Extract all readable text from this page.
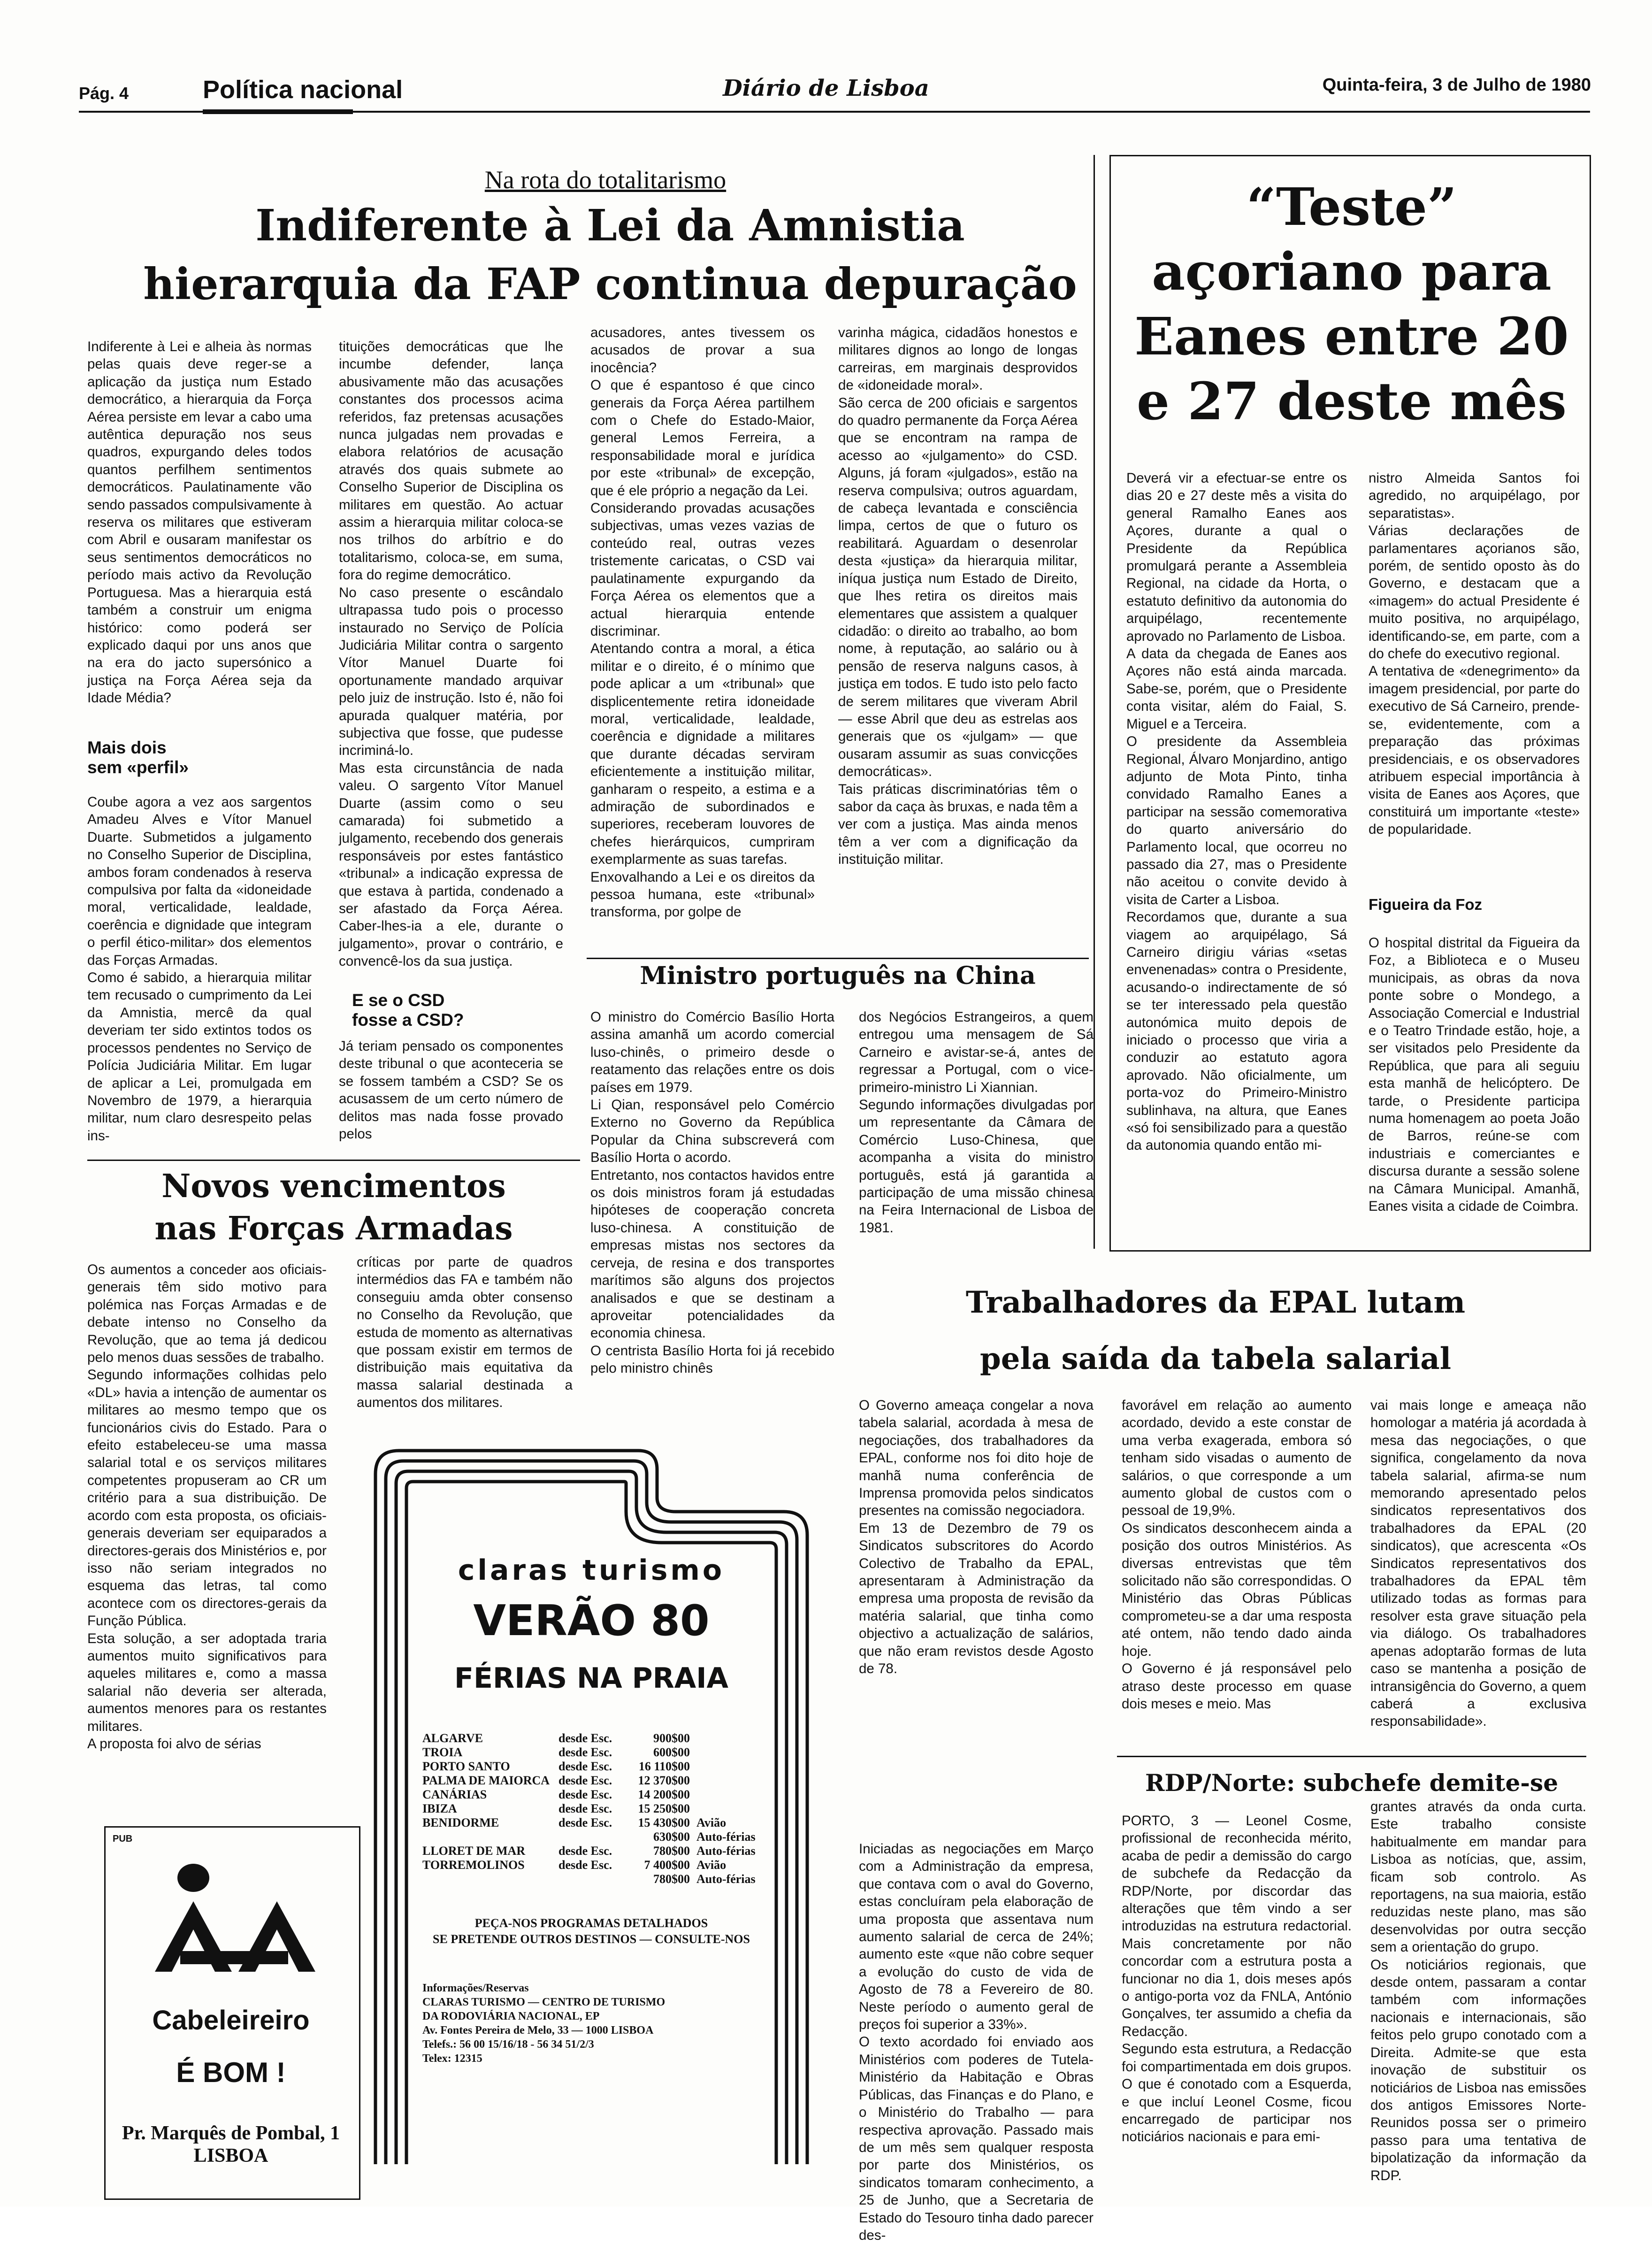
Pág. 4	Política nacional	Diário de Lisboa	Quinta-feira, 3 de Julho de 1980
Na rota do totalitarismo
Indiferente à Lei da Amnistia
hierarquia da FAP continua depuração
Indiferente à Lei e alheia às normas pelas quais deve reger-se a aplicação da justiça num Estado democrático, a hierarquia da Força Aérea persiste em levar a cabo uma autêntica depuração nos seus quadros, expurgando deles todos quantos perfilhem sentimentos democráticos. Paulatinamente vão sendo passados compulsivamente à reserva os militares que estiveram com Abril e ousaram manifestar os seus sentimentos democráticos no período mais activo da Revolução Portuguesa. Mas a hierarquia está também a construir um enigma histórico: como poderá ser explicado daqui por uns anos que na era do jacto supersónico a justiça na Força Aérea seja da Idade Média?
Mais dois
sem «perfil»
Coube agora a vez aos sargentos Amadeu Alves e Vítor Manuel Duarte. Submetidos a julgamento no Conselho Superior de Disciplina, ambos foram condenados à reserva compulsiva por falta da «idoneidade moral, verticalidade, lealdade, coerência e dignidade que integram o perfil ético-militar» dos elementos das Forças Armadas.
Como é sabido, a hierarquia militar tem recusado o cumprimento da Lei da Amnistia, mercê da qual deveriam ter sido extintos todos os processos pendentes no Serviço de Polícia Judiciária Militar. Em lugar de aplicar a Lei, promulgada em Novembro de 1979, a hierarquia militar, num claro desrespeito pelas ins-
tituições democráticas que lhe incumbe defender, lança abusivamente mão das acusações constantes dos processos acima referidos, faz pretensas acusações nunca julgadas nem provadas e elabora relatórios de acusação através dos quais submete ao Conselho Superior de Disciplina os militares em questão. Ao actuar assim a hierarquia militar coloca-se nos trilhos do arbítrio e do totalitarismo, coloca-se, em suma, fora do regime democrático.
No caso presente o escândalo ultrapassa tudo pois o processo instaurado no Serviço de Polícia Judiciária Militar contra o sargento Vítor Manuel Duarte foi oportunamente mandado arquivar pelo juiz de instrução. Isto é, não foi apurada qualquer matéria, por subjectiva que fosse, que pudesse incriminá-lo.
Mas esta circunstância de nada valeu. O sargento Vítor Manuel Duarte (assim como o seu camarada) foi submetido a julgamento, recebendo dos generais responsáveis por estes fantástico «tribunal» a indicação expressa de que estava à partida, condenado a ser afastado da Força Aérea. Caber-lhes-ia a ele, durante o julgamento», provar o contrário, e convencê-los da sua justiça.
E se o CSD
fosse a CSD?
Já teriam pensado os componentes deste tribunal o que aconteceria se se fossem também a CSD? Se os acusassem de um certo número de delitos mas nada fosse provado pelos
acusadores, antes tivessem os acusados de provar a sua inocência?
O que é espantoso é que cinco generais da Força Aérea partilhem com o Chefe do Estado-Maior, general Lemos Ferreira, a responsabilidade moral e jurídica por este «tribunal» de excepção, que é ele próprio a negação da Lei.
Considerando provadas acusações subjectivas, umas vezes vazias de conteúdo real, outras vezes tristemente caricatas, o CSD vai paulatinamente expurgando da Força Aérea os elementos que a actual hierarquia entende discriminar.
Atentando contra a moral, a ética militar e o direito, é o mínimo que pode aplicar a um «tribunal» que displicentemente retira idoneidade moral, verticalidade, lealdade, coerência e dignidade a militares que durante décadas serviram eficientemente a instituição militar, ganharam o respeito, a estima e a admiração de subordinados e superiores, receberam louvores de chefes hierárquicos, cumpriram exemplarmente as suas tarefas.
Enxovalhando a Lei e os direitos da pessoa humana, este «tribunal» transforma, por golpe de
varinha mágica, cidadãos honestos e militares dignos ao longo de longas carreiras, em marginais desprovidos de «idoneidade moral».
São cerca de 200 oficiais e sargentos do quadro permanente da Força Aérea que se encontram na rampa de acesso ao «julgamento» do CSD. Alguns, já foram «julgados», estão na reserva compulsiva; outros aguardam, de cabeça levantada e consciência limpa, certos de que o futuro os reabilitará. Aguardam o desenrolar desta «justiça» da hierarquia militar, iníqua justiça num Estado de Direito, que lhes retira os direitos mais elementares que assistem a qualquer cidadão: o direito ao trabalho, ao bom nome, à reputação, ao salário ou à pensão de reserva nalguns casos, à justiça em todos. E tudo isto pelo facto de serem militares que viveram Abril — esse Abril que deu as estrelas aos generais que os «julgam» — que ousaram assumir as suas convicções democráticas».
Tais práticas discriminatórias têm o sabor da caça às bruxas, e nada têm a ver com a justiça. Mas ainda menos têm a ver com a dignificação da instituição militar.
“Teste” açoriano para Eanes entre 20 e 27 deste mês
Deverá vir a efectuar-se entre os dias 20 e 27 deste mês a visita do general Ramalho Eanes aos Açores, durante a qual o Presidente da República promulgará perante a Assembleia Regional, na cidade da Horta, o estatuto definitivo da autonomia do arquipélago, recentemente aprovado no Parlamento de Lisboa.
A data da chegada de Eanes aos Açores não está ainda marcada. Sabe-se, porém, que o Presidente conta visitar, além do Faial, S. Miguel e a Terceira.
O presidente da Assembleia Regional, Álvaro Monjardino, antigo adjunto de Mota Pinto, tinha convidado Ramalho Eanes a participar na sessão comemorativa do quarto aniversário do Parlamento local, que ocorreu no passado dia 27, mas o Presidente não aceitou o convite devido à visita de Carter a Lisboa.
Recordamos que, durante a sua viagem ao arquipélago, Sá Carneiro dirigiu várias «setas envenenadas» contra o Presidente, acusando-o indirectamente de só se ter interessado pela questão autonómica muito depois de iniciado o processo que viria a conduzir ao estatuto agora aprovado. Não oficialmente, um porta-voz do Primeiro-Ministro sublinhava, na altura, que Eanes «só foi sensibilizado para a questão da autonomia quando então mi-
nistro Almeida Santos foi agredido, no arquipélago, por separatistas».
Várias declarações de parlamentares açorianos são, porém, de sentido oposto às do Governo, e destacam que a «imagem» do actual Presidente é muito positiva, no arquipélago, identificando-se, em parte, com a do chefe do executivo regional.
A tentativa de «denegrimento» da imagem presidencial, por parte do executivo de Sá Carneiro, prende-se, evidentemente, com a preparação das próximas presidenciais, e os observadores atribuem especial importância à visita de Eanes aos Açores, que constituirá um importante «teste» de popularidade.
Figueira da Foz
O hospital distrital da Figueira da Foz, a Biblioteca e o Museu municipais, as obras da nova ponte sobre o Mondego, a Associação Comercial e Industrial e o Teatro Trindade estão, hoje, a ser visitados pelo Presidente da República, que para ali seguiu esta manhã de helicóptero. De tarde, o Presidente participa numa homenagem ao poeta João de Barros, reúne-se com industriais e comerciantes e discursa durante a sessão solene na Câmara Municipal. Amanhã, Eanes visita a cidade de Coimbra.
Ministro português na China
O ministro do Comércio Basílio Horta assina amanhã um acordo comercial luso-chinês, o primeiro desde o reatamento das relações entre os dois países em 1979.
Li Qian, responsável pelo Comércio Externo no Governo da República Popular da China subscreverá com Basílio Horta o acordo.
Entretanto, nos contactos havidos entre os dois ministros foram já estudadas hipóteses de cooperação concreta luso-chinesa. A constituição de empresas mistas nos sectores da cerveja, de resina e dos transportes marítimos são alguns dos projectos analisados e que se destinam a aproveitar potencialidades da economia chinesa.
O centrista Basílio Horta foi já recebido pelo ministro chinês
dos Negócios Estrangeiros, a quem entregou uma mensagem de Sá Carneiro e avistar-se-á, antes de regressar a Portugal, com o vice-primeiro-ministro Li Xiannian.
Segundo informações divulgadas por um representante da Câmara de Comércio Luso-Chinesa, que acompanha a visita do ministro português, está já garantida a participação de uma missão chinesa na Feira Internacional de Lisboa de 1981.
Novos vencimentos
nas Forças Armadas
Os aumentos a conceder aos oficiais-generais têm sido motivo para polémica nas Forças Armadas e de debate intenso no Conselho da Revolução, que ao tema já dedicou pelo menos duas sessões de trabalho.
Segundo informações colhidas pelo «DL» havia a intenção de aumentar os militares ao mesmo tempo que os funcionários civis do Estado. Para o efeito estabeleceu-se uma massa salarial total e os serviços militares competentes propuseram ao CR um critério para a sua distribuição. De acordo com esta proposta, os oficiais-generais deveriam ser equiparados a directores-gerais dos Ministérios e, por isso não seriam integrados no esquema das letras, tal como acontece com os directores-gerais da Função Pública.
Esta solução, a ser adoptada traria aumentos muito significativos para aqueles militares e, como a massa salarial não deveria ser alterada, aumentos menores para os restantes militares.
A proposta foi alvo de sérias
críticas por parte de quadros intermédios das FA e também não conseguiu amda obter consenso no Conselho da Revolução, que estuda de momento as alternativas que possam existir em termos de distribuição mais equitativa da massa salarial destinada a aumentos dos militares.
claras turismo
VERÃO 80
FÉRIAS NA PRAIA
ALGARVE	desde Esc.	900$00
TROIA	desde Esc.	600$00
PORTO SANTO	desde Esc.	16 110$00
PALMA DE MAIORCA desde Esc.	12 370$00
CANÁRIAS	desde Esc.	14 200$00
IBIZA	desde Esc.	15 250$00
BENIDORME	desde Esc.	15 430$00 Avião
630$00 Auto-férias
LLORET DE MAR	desde Esc.	780$00 Auto-férias
TORREMOLINOS	desde Esc.	7 400$00 Avião
780$00 Auto-férias
PEÇA-NOS PROGRAMAS DETALHADOS
SE PRETENDE OUTROS DESTINOS — CONSULTE-NOS
Informações/Reservas
CLARAS TURISMO — CENTRO DE TURISMO
DA RODOVIÁRIA NACIONAL, EP
Av. Fontes Pereira de Melo, 33 — 1000 LISBOA
Telefs.: 56 00 15/16/18 - 56 34 51/2/3
Telex: 12315
PUB
Cabeleireiro
É BOM !
Pr. Marquês de Pombal, 1
LISBOA
Trabalhadores da EPAL lutam
pela saída da tabela salarial
O Governo ameaça congelar a nova tabela salarial, acordada à mesa de negociações, dos trabalhadores da EPAL, conforme nos foi dito hoje de manhã numa conferência de Imprensa promovida pelos sindicatos presentes na comissão negociadora.
Em 13 de Dezembro de 79 os Sindicatos subscritores do Acordo Colectivo de Trabalho da EPAL, apresentaram à Administração da empresa uma proposta de revisão da matéria salarial, que tinha como objectivo a actualização de salários, que não eram revistos desde Agosto de 78.
Iniciadas as negociações em Março com a Administração da empresa, que contava com o aval do Governo, estas concluíram pela elaboração de uma proposta que assentava num aumento salarial de cerca de 24%; aumento este «que não cobre sequer a evolução do custo de vida de Agosto de 78 a Fevereiro de 80. Neste período o aumento geral de preços foi superior a 33%».
O texto acordado foi enviado aos Ministérios com poderes de Tutela-Ministério da Habitação e Obras Públicas, das Finanças e do Plano, e o Ministério do Trabalho — para respectiva aprovação. Passado mais de um mês sem qualquer resposta por parte dos Ministérios, os sindicatos tomaram conhecimento, a 25 de Junho, que a Secretaria de Estado do Tesouro tinha dado parecer des-
favorável em relação ao aumento acordado, devido a este constar de uma verba exagerada, embora só tenham sido visadas o aumento de salários, o que corresponde a um aumento global de custos com o pessoal de 19,9%.
Os sindicatos desconhecem ainda a posição dos outros Ministérios. As diversas entrevistas que têm solicitado não são correspondidas. O Ministério das Obras Públicas comprometeu-se a dar uma resposta até ontem, não tendo dado ainda hoje.
O Governo é já responsável pelo atraso deste processo em quase dois meses e meio. Mas
vai mais longe e ameaça não homologar a matéria já acordada à mesa das negociações, o que significa, congelamento da nova tabela salarial, afirma-se num memorando apresentado pelos sindicatos representativos dos trabalhadores da EPAL (20 sindicatos), que acrescenta «Os Sindicatos representativos dos trabalhadores da EPAL têm utilizado todas as formas para resolver esta grave situação pela via diálogo. Os trabalhadores apenas adoptarão formas de luta caso se mantenha a posição de intransigência do Governo, a quem caberá a exclusiva responsabilidade».
RDP/Norte: subchefe demite-se
PORTO, 3 — Leonel Cosme, profissional de reconhecida mérito, acaba de pedir a demissão do cargo de subchefe da Redacção da RDP/Norte, por discordar das alterações que têm vindo a ser introduzidas na estrutura redactorial. Mais concretamente por não concordar com a estrutura posta a funcionar no dia 1, dois meses após o antigo-porta voz da FNLA, António Gonçalves, ter assumido a chefia da Redacção.
Segundo esta estrutura, a Redacção foi compartimentada em dois grupos. O que é conotado com a Esquerda, e que incluí Leonel Cosme, ficou encarregado de participar nos noticiários nacionais e para emi-
grantes através da onda curta. Este trabalho consiste habitualmente em mandar para Lisboa as notícias, que, assim, ficam sob controlo. As reportagens, na sua maioria, estão reduzidas neste plano, mas são desenvolvidas por outra secção sem a orientação do grupo.
Os noticiários regionais, que desde ontem, passaram a contar também com informações nacionais e internacionais, são feitos pelo grupo conotado com a Direita. Admite-se que esta inovação de substituir os noticiários de Lisboa nas emissões dos antigos Emissores Norte-Reunidos possa ser o primeiro passo para uma tentativa de bipolatização da informação da RDP.
